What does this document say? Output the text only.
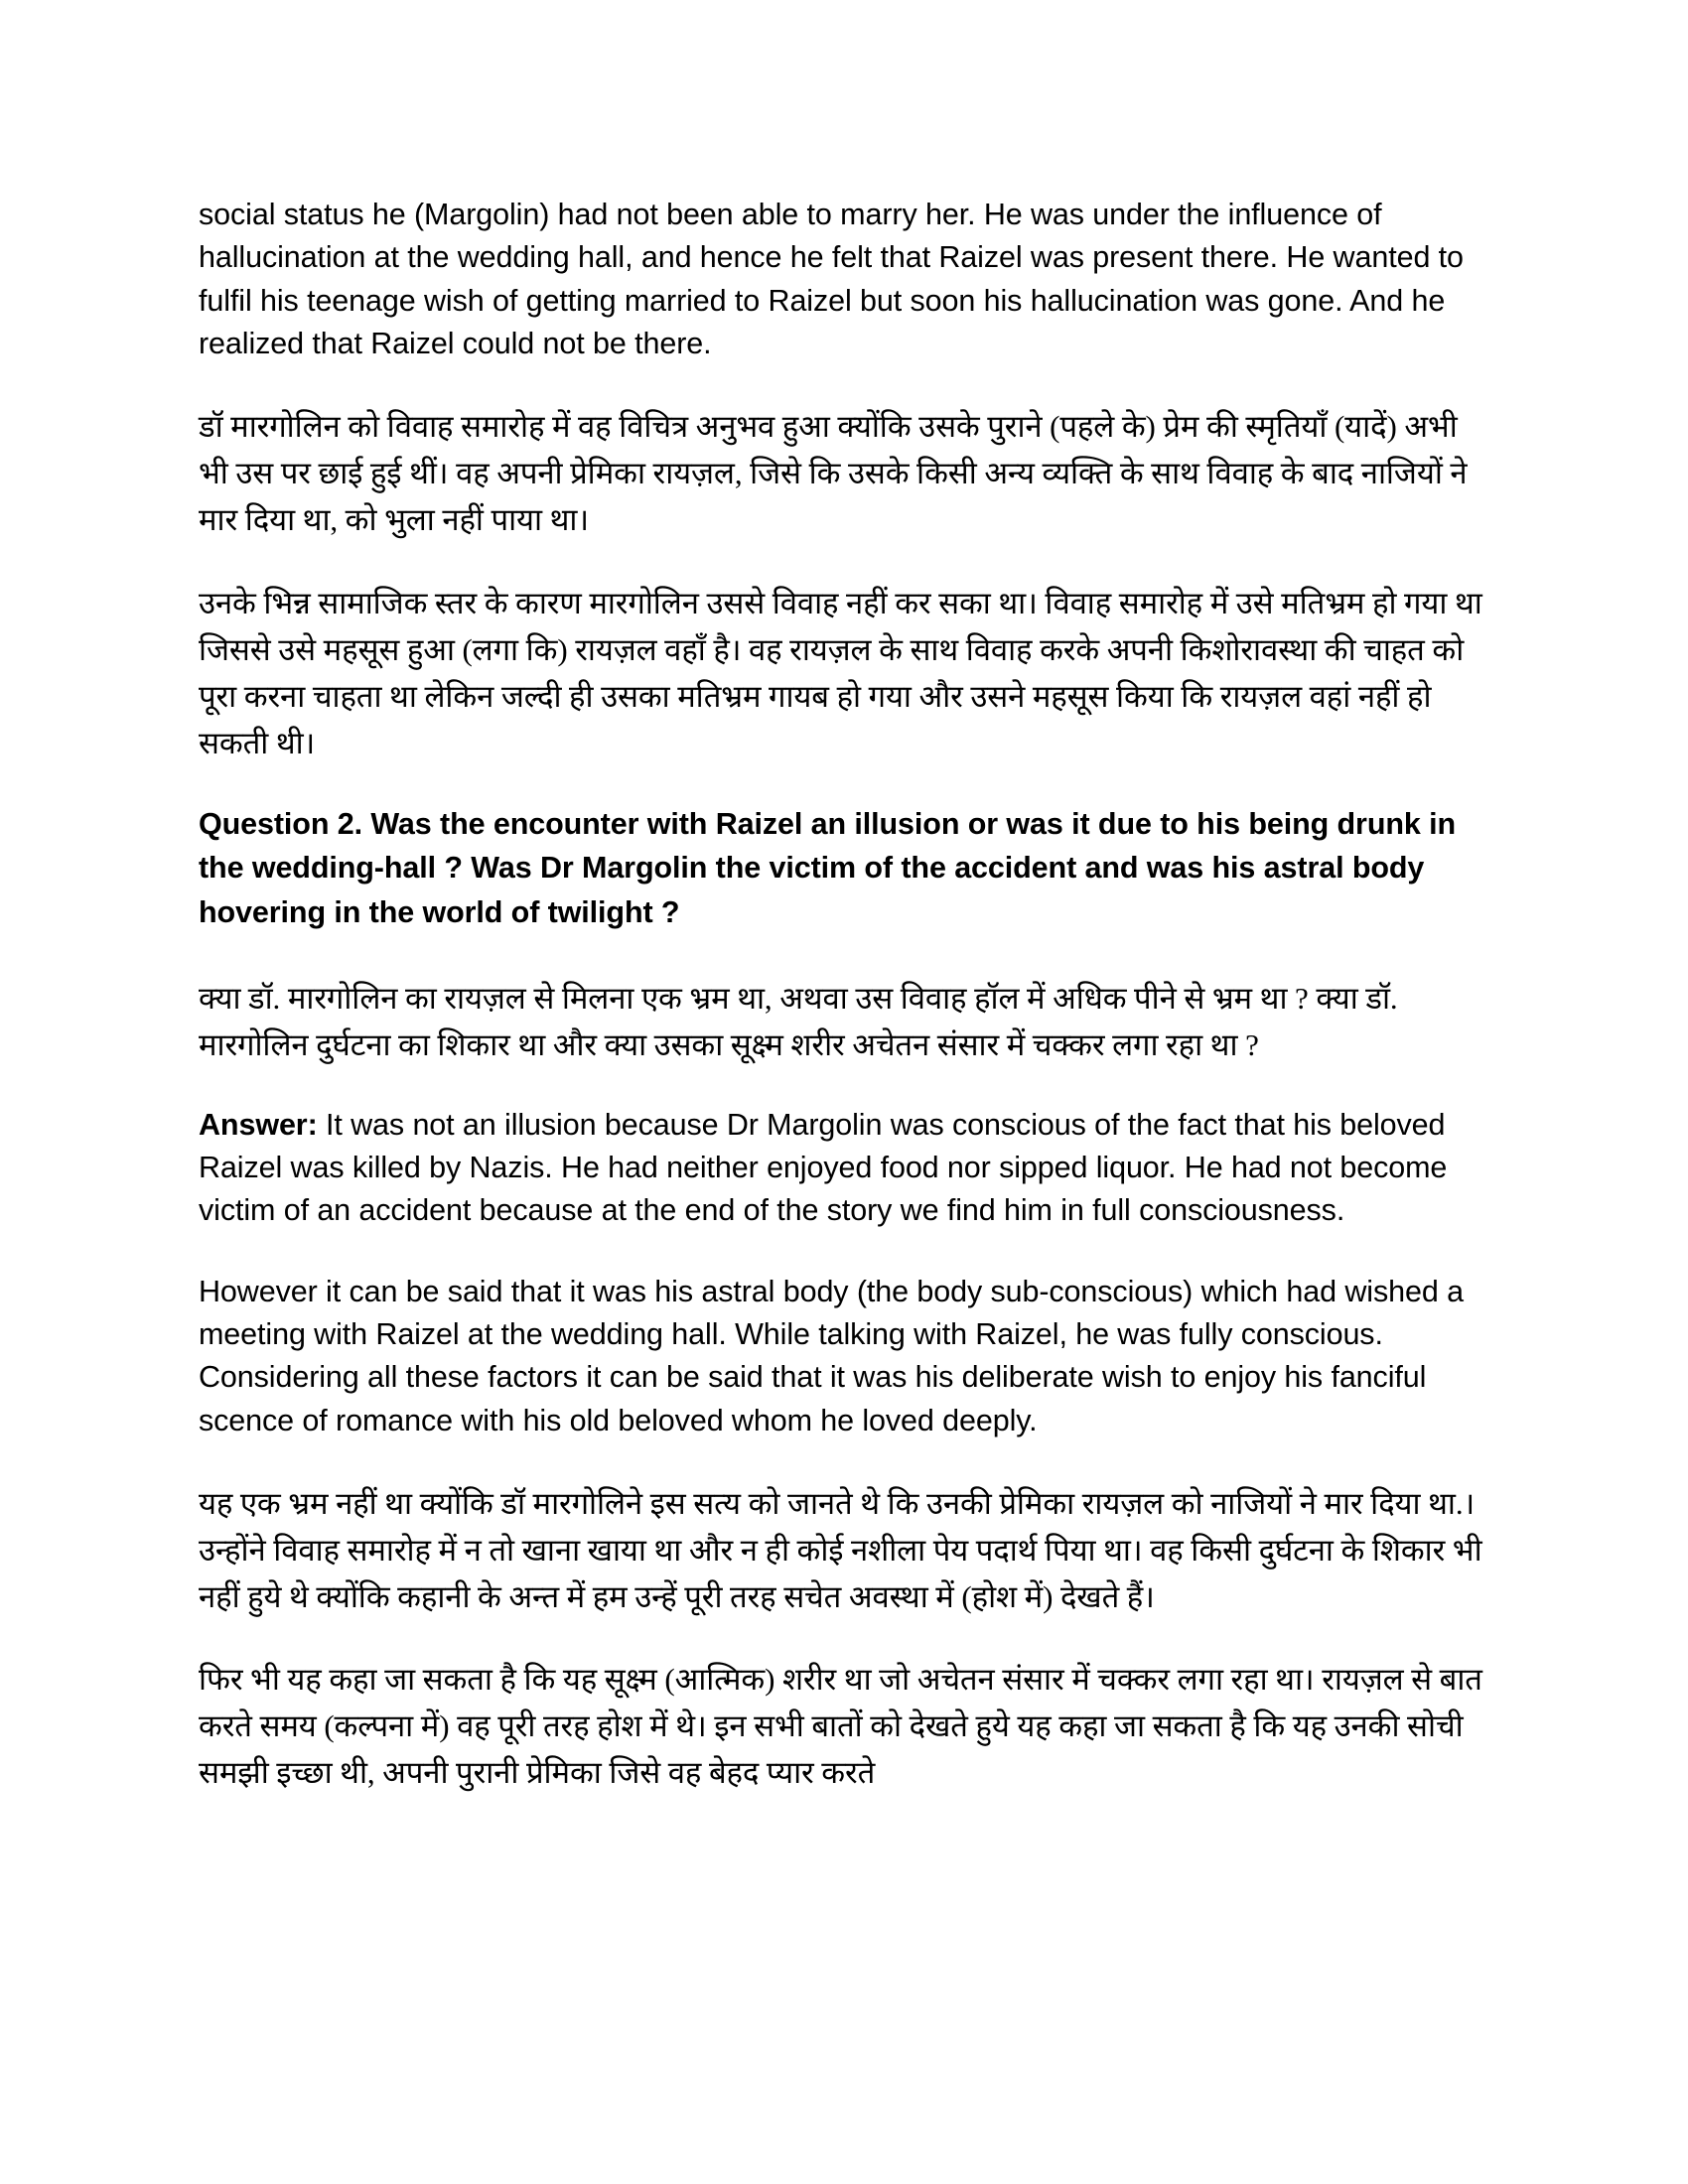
social status he (Margolin) had not been able to marry her. He was under the influence of hallucination at the wedding hall, and hence he felt that Raizel was present there. He wanted to fulfil his teenage wish of getting married to Raizel but soon his hallucination was gone. And he realized that Raizel could not be there.

डॉ मारगोलिन को विवाह समारोह में वह विचित्र अनुभव हुआ क्योंकि उसके पुराने (पहले के) प्रेम की स्मृतियाँ (यादें) अभी भी उस पर छाई हुई थीं। वह अपनी प्रेमिका रायज़ल, जिसे कि उसके किसी अन्य व्यक्ति के साथ विवाह के बाद नाजियों ने मार दिया था, को भुला नहीं पाया था।

उनके भिन्न सामाजिक स्तर के कारण मारगोलिन उससे विवाह नहीं कर सका था। विवाह समारोह में उसे मतिभ्रम हो गया था जिससे उसे महसूस हुआ (लगा कि) रायज़ल वहाँ है। वह रायज़ल के साथ विवाह करके अपनी किशोरावस्था की चाहत को पूरा करना चाहता था लेकिन जल्दी ही उसका मतिभ्रम गायब हो गया और उसने महसूस किया कि रायज़ल वहां नहीं हो सकती थी।

Question 2. Was the encounter with Raizel an illusion or was it due to his being drunk in the wedding-hall ? Was Dr Margolin the victim of the accident and was his astral body hovering in the world of twilight ?

क्या डॉ. मारगोलिन का रायज़ल से मिलना एक भ्रम था, अथवा उस विवाह हॉल में अधिक पीने से भ्रम था ? क्या डॉ. मारगोलिन दुर्घटना का शिकार था और क्या उसका सूक्ष्म शरीर अचेतन संसार में चक्कर लगा रहा था ?

Answer: It was not an illusion because Dr Margolin was conscious of the fact that his beloved Raizel was killed by Nazis. He had neither enjoyed food nor sipped liquor. He had not become victim of an accident because at the end of the story we find him in full consciousness.

However it can be said that it was his astral body (the body sub-conscious) which had wished a meeting with Raizel at the wedding hall. While talking with Raizel, he was fully conscious. Considering all these factors it can be said that it was his deliberate wish to enjoy his fanciful scence of romance with his old beloved whom he loved deeply.

यह एक भ्रम नहीं था क्योंकि डॉ मारगोलिने इस सत्य को जानते थे कि उनकी प्रेमिका रायज़ल को नाजियों ने मार दिया था.। उन्होंने विवाह समारोह में न तो खाना खाया था और न ही कोई नशीला पेय पदार्थ पिया था। वह किसी दुर्घटना के शिकार भी नहीं हुये थे क्योंकि कहानी के अन्त में हम उन्हें पूरी तरह सचेत अवस्था में (होश में) देखते हैं।

फिर भी यह कहा जा सकता है कि यह सूक्ष्म (आत्मिक) शरीर था जो अचेतन संसार में चक्कर लगा रहा था। रायज़ल से बात करते समय (कल्पना में) वह पूरी तरह होश में थे। इन सभी बातों को देखते हुये यह कहा जा सकता है कि यह उनकी सोची समझी इच्छा थी, अपनी पुरानी प्रेमिका जिसे वह बेहद प्यार करते
